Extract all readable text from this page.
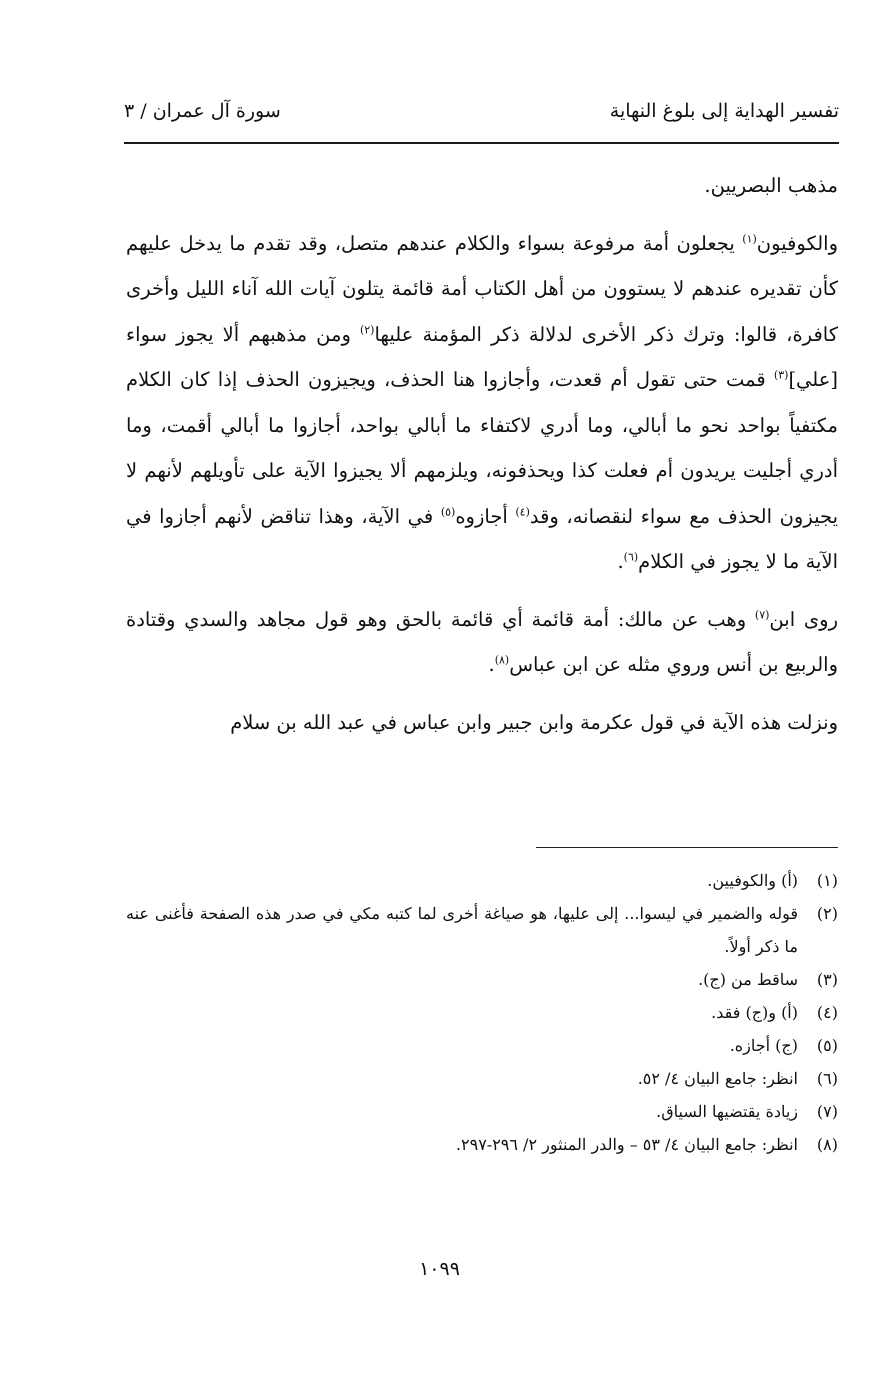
تفسير الهداية إلى بلوغ النهاية
سورة آل عمران / ٣

مذهب البصريين.

والكوفيون$^{(١)}$ يجعلون أمة مرفوعة بسواء والكلام عندهم متصل، وقد تقدم ما يدخل عليهم كأن تقديره عندهم لا يستوون من أهل الكتاب أمة قائمة يتلون آيات الله آناء الليل وأخرى كافرة، قالوا: وترك ذكر الأخرى لدلالة ذكر المؤمنة عليها$^{(٢)}$ ومن مذهبهم ألا يجوز سواء [علي]$^{(٣)}$ قمت حتى تقول أم قعدت، وأجازوا هنا الحذف، ويجيزون الحذف إذا كان الكلام مكتفياً بواحد نحو ما أبالي، وما أدري لاكتفاء ما أبالي بواحد، أجازوا ما أبالي أقمت، وما أدري أجليت يريدون أم فعلت كذا ويحذفونه، ويلزمهم ألا يجيزوا الآية على تأويلهم لأنهم لا يجيزون الحذف مع سواء لنقصانه، وقد$^{(٤)}$ أجازوه$^{(٥)}$ في الآية، وهذا تناقض لأنهم أجازوا في الآية ما لا يجوز في الكلام$^{(٦)}$.

روى ابن$^{(٧)}$ وهب عن مالك: أمة قائمة أي قائمة بالحق وهو قول مجاهد والسدي وقتادة والربيع بن أنس وروي مثله عن ابن عباس$^{(٨)}$.

ونزلت هذه الآية في قول عكرمة وابن جبير وابن عباس في عبد الله بن سلام

(١)
(أ) والكوفيين.
(٢)
قوله والضمير في ليسوا... إلى عليها، هو صياغة أخرى لما كتبه مكي في صدر هذه الصفحة فأغنى عنه ما ذكر أولاً.
(٣)
ساقط من (ج).
(٤)
(أ) و(ج) فقد.
(٥)
(ج) أجازه.
(٦)
انظر: جامع البيان ٤/ ٥٢.
(٧)
زيادة يقتضيها السياق.
(٨)
انظر: جامع البيان ٤/ ٥٣ – والدر المنثور ٢/ ٢٩٦-٢٩٧.
١٠٩٩
